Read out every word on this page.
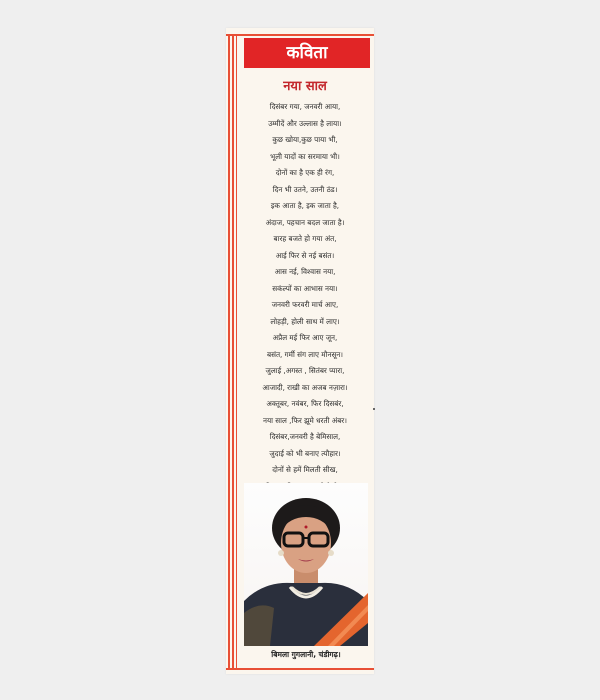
कविता
नया साल
दिसंबर गया, जनवरी आया,
उम्मीदें और उल्लास है लाया।
कुछ खोया,कुछ पाया भी,
भूली यादों का सरमाया भी।
दोनों का है एक ही रंग,
दिन भी उतने, उतनी ठंड।
इक आता है, इक जाता है,
अंदाज, पहचान बदल जाता है।
बारह बजते हो गया अंत,
आई फिर से नई बसंत।
आस नई, विश्वास नया,
सकंल्पों का आभास नया।
जनवरी फरवरी मार्च आए,
लोहड़ी, होली साथ में लाए।
अप्रैल मई फिर आए जून,
बसंत, गर्मी संग लाए मौनसून।
जुलाई ,अगस्त , सितंबर प्यारा,
आजादी, राखी का अजब नज़ारा।
अक्तूबर, नवंबर, फिर दिसबंर,
नया साल ,फिर झूमे धरती अंबर।
दिसंबर,जनवरी है बेमिसाल,
जुदाई को भी बनाए त्यौहार।
दोनों से हमें मिलती सीख,
बिमला गुगलानी, चंडीगढ़।
